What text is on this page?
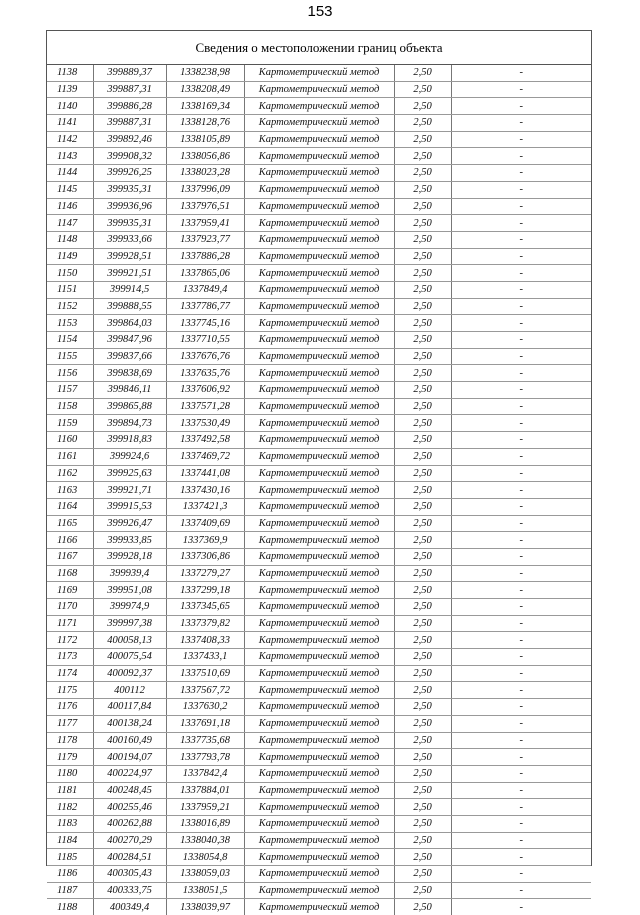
153
Сведения о местоположении границ объекта
1138	399889,37	1338238,98	Картометрический метод	2,50	-
1139	399887,31	1338208,49	Картометрический метод	2,50	-
1140	399886,28	1338169,34	Картометрический метод	2,50	-
1141	399887,31	1338128,76	Картометрический метод	2,50	-
1142	399892,46	1338105,89	Картометрический метод	2,50	-
1143	399908,32	1338056,86	Картометрический метод	2,50	-
1144	399926,25	1338023,28	Картометрический метод	2,50	-
1145	399935,31	1337996,09	Картометрический метод	2,50	-
1146	399936,96	1337976,51	Картометрический метод	2,50	-
1147	399935,31	1337959,41	Картометрический метод	2,50	-
1148	399933,66	1337923,77	Картометрический метод	2,50	-
1149	399928,51	1337886,28	Картометрический метод	2,50	-
1150	399921,51	1337865,06	Картометрический метод	2,50	-
1151	399914,5	1337849,4	Картометрический метод	2,50	-
1152	399888,55	1337786,77	Картометрический метод	2,50	-
1153	399864,03	1337745,16	Картометрический метод	2,50	-
1154	399847,96	1337710,55	Картометрический метод	2,50	-
1155	399837,66	1337676,76	Картометрический метод	2,50	-
1156	399838,69	1337635,76	Картометрический метод	2,50	-
1157	399846,11	1337606,92	Картометрический метод	2,50	-
1158	399865,88	1337571,28	Картометрический метод	2,50	-
1159	399894,73	1337530,49	Картометрический метод	2,50	-
1160	399918,83	1337492,58	Картометрический метод	2,50	-
1161	399924,6	1337469,72	Картометрический метод	2,50	-
1162	399925,63	1337441,08	Картометрический метод	2,50	-
1163	399921,71	1337430,16	Картометрический метод	2,50	-
1164	399915,53	1337421,3	Картометрический метод	2,50	-
1165	399926,47	1337409,69	Картометрический метод	2,50	-
1166	399933,85	1337369,9	Картометрический метод	2,50	-
1167	399928,18	1337306,86	Картометрический метод	2,50	-
1168	399939,4	1337279,27	Картометрический метод	2,50	-
1169	399951,08	1337299,18	Картометрический метод	2,50	-
1170	399974,9	1337345,65	Картометрический метод	2,50	-
1171	399997,38	1337379,82	Картометрический метод	2,50	-
1172	400058,13	1337408,33	Картометрический метод	2,50	-
1173	400075,54	1337433,1	Картометрический метод	2,50	-
1174	400092,37	1337510,69	Картометрический метод	2,50	-
1175	400112	1337567,72	Картометрический метод	2,50	-
1176	400117,84	1337630,2	Картометрический метод	2,50	-
1177	400138,24	1337691,18	Картометрический метод	2,50	-
1178	400160,49	1337735,68	Картометрический метод	2,50	-
1179	400194,07	1337793,78	Картометрический метод	2,50	-
1180	400224,97	1337842,4	Картометрический метод	2,50	-
1181	400248,45	1337884,01	Картометрический метод	2,50	-
1182	400255,46	1337959,21	Картометрический метод	2,50	-
1183	400262,88	1338016,89	Картометрический метод	2,50	-
1184	400270,29	1338040,38	Картометрический метод	2,50	-
1185	400284,51	1338054,8	Картометрический метод	2,50	-
1186	400305,43	1338059,03	Картометрический метод	2,50	-
1187	400333,75	1338051,5	Картометрический метод	2,50	-
1188	400349,4	1338039,97	Картометрический метод	2,50	-
